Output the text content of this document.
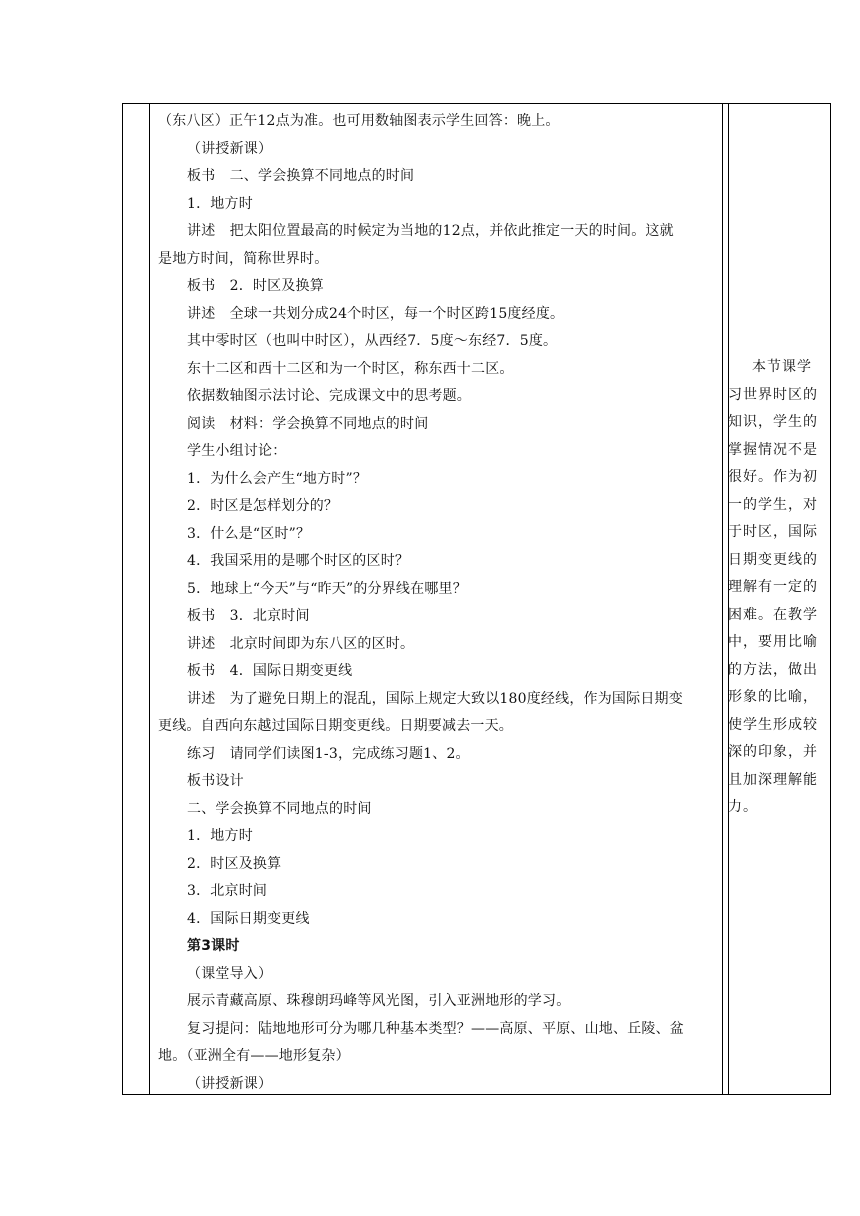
（东八区）正午12点为准。也可用数轴图表示学生回答：晚上。
（讲授新课）
板书　二、学会换算不同地点的时间
1．地方时
讲述　把太阳位置最高的时候定为当地的12点，并依此推定一天的时间。这就
是地方时间，简称世界时。
板书　2．时区及换算
讲述　全球一共划分成24个时区，每一个时区跨15度经度。
其中零时区（也叫中时区），从西经7．5度～东经7．5度。
东十二区和西十二区和为一个时区，称东西十二区。
依据数轴图示法讨论、完成课文中的思考题。
阅读　材料：学会换算不同地点的时间
学生小组讨论：
1．为什么会产生“地方时”？
2．时区是怎样划分的？
3．什么是“区时”？
4．我国采用的是哪个时区的区时？
5．地球上“今天”与“昨天”的分界线在哪里？
板书　3．北京时间
讲述　北京时间即为东八区的区时。
板书　4．国际日期变更线
讲述　为了避免日期上的混乱，国际上规定大致以180度经线，作为国际日期变
更线。自西向东越过国际日期变更线。日期要减去一天。
练习　请同学们读图1-3，完成练习题1、2。
板书设计
二、学会换算不同地点的时间
1．地方时
2．时区及换算
3．北京时间
4．国际日期变更线
第3课时
（课堂导入）
展示青藏高原、珠穆朗玛峰等风光图，引入亚洲地形的学习。
复习提问：陆地地形可分为哪几种基本类型？——高原、平原、山地、丘陵、盆
地。（亚洲全有——地形复杂）
（讲授新课）
本节课学
习世界时区的
知识，学生的
掌握情况不是
很好。作为初
一的学生，对
于时区，国际
日期变更线的
理解有一定的
困难。在教学
中，要用比喻
的方法，做出
形象的比喻，
使学生形成较
深的印象，并
且加深理解能
力。
